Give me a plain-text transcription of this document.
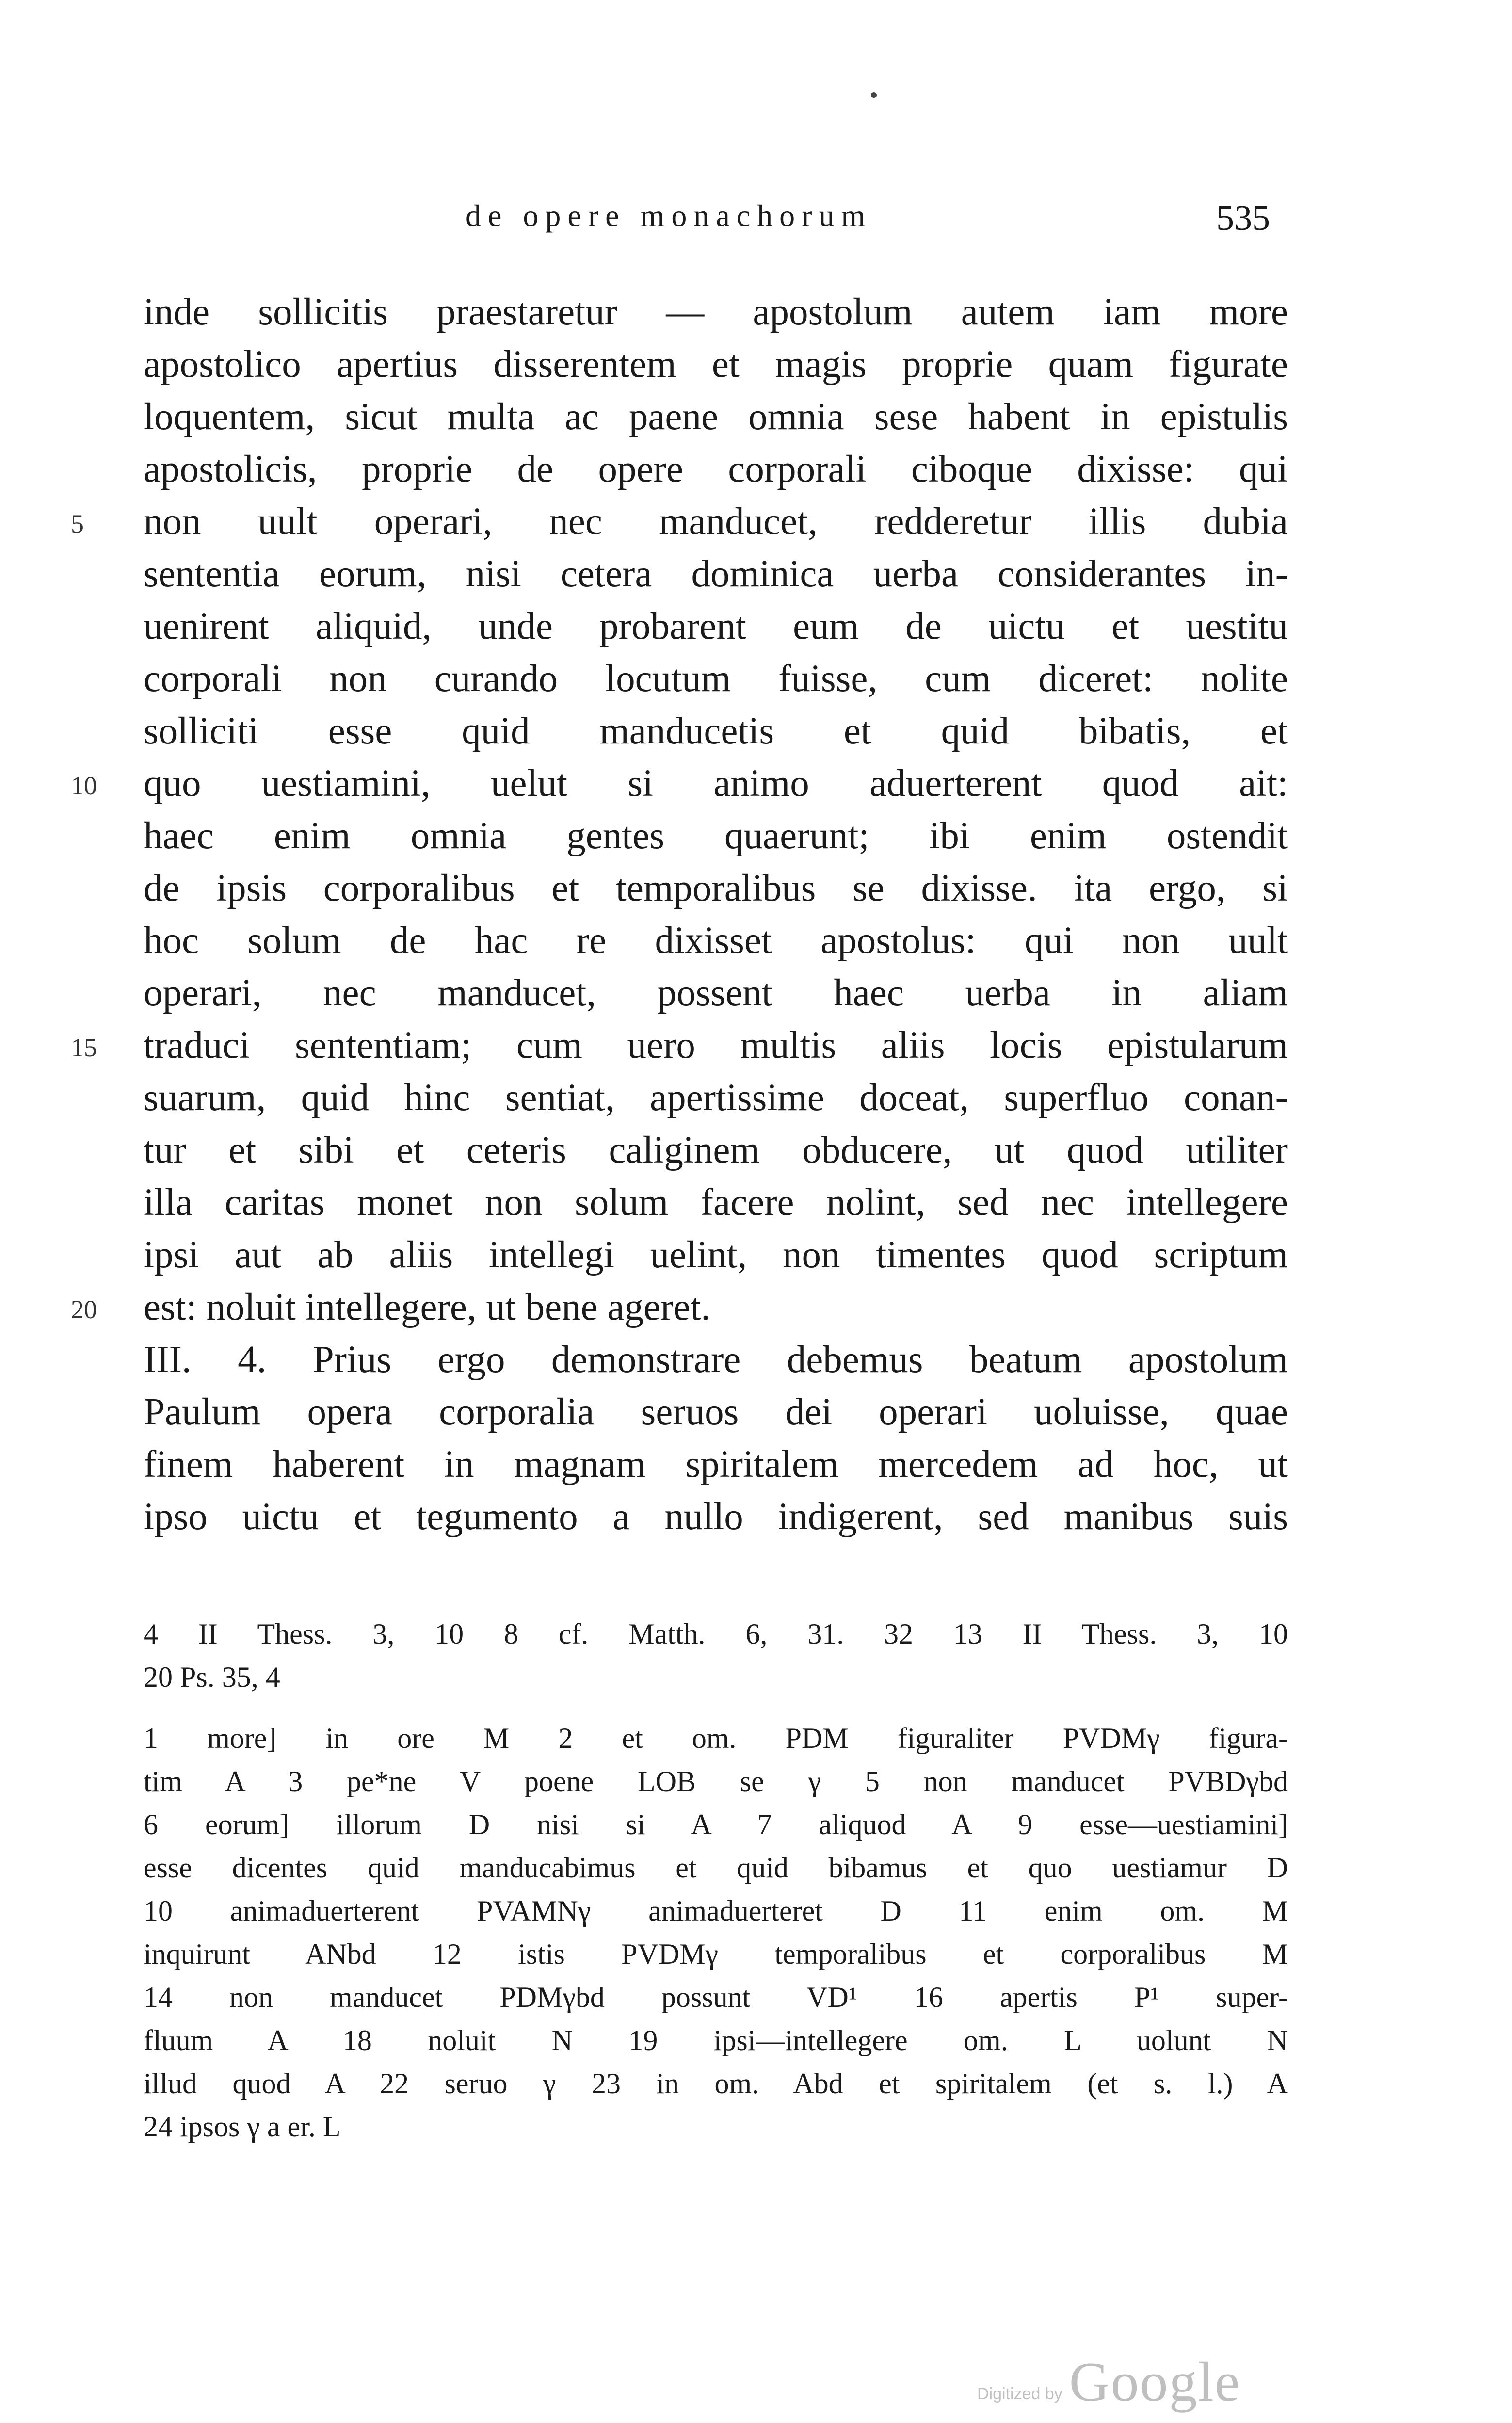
de opere monachorum	535
inde sollicitis praestaretur — apostolum autem iam more
apostolico apertius disserentem et magis proprie quam figurate
loquentem, sicut multa ac paene omnia sese habent in epistulis
apostolicis, proprie de opere corporali ciboque dixisse: qui
5	non uult operari, nec manducet, redderetur illis dubia
sententia eorum, nisi cetera dominica uerba considerantes in-
uenirent aliquid, unde probarent eum de uictu et uestitu
corporali non curando locutum fuisse, cum diceret: nolite
solliciti esse quid manducetis et quid bibatis, et
10	quo uestiamini, uelut si animo aduerterent quod ait:
haec enim omnia gentes quaerunt; ibi enim ostendit
de ipsis corporalibus et temporalibus se dixisse. ita ergo, si
hoc solum de hac re dixisset apostolus: qui non uult
operari, nec manducet, possent haec uerba in aliam
15	traduci sententiam; cum uero multis aliis locis epistularum
suarum, quid hinc sentiat, apertissime doceat, superfluo conan-
tur et sibi et ceteris caliginem obducere, ut quod utiliter
illa caritas monet non solum facere nolint, sed nec intellegere
ipsi aut ab aliis intellegi uelint, non timentes quod scriptum
20	est: noluit intellegere, ut bene ageret.
III. 4. Prius ergo demonstrare debemus beatum apostolum
Paulum opera corporalia seruos dei operari uoluisse, quae
finem haberent in magnam spiritalem mercedem ad hoc, ut
ipso uictu et tegumento a nullo indigerent, sed manibus suis
4 II Thess. 3, 10 8 cf. Matth. 6, 31. 32 13 II Thess. 3, 10
20 Ps. 35, 4
1 more] in ore M 2 et om. PDM figuraliter PVDMγ figura-
tim A 3 pe*ne V poene LOB se γ 5 non manducet PVBDγbd
6 eorum] illorum D nisi si A 7 aliquod A 9 esse—uestiamini]
esse dicentes quid manducabimus et quid bibamus et quo uestiamur D
10 animaduerterent PVAMNγ animaduerteret D 11 enim om. M
inquirunt ANbd 12 istis PVDMγ temporalibus et corporalibus M
14 non manducet PDMγbd possunt VD¹ 16 apertis P¹ super-
fluum A 18 noluit N 19 ipsi—intellegere om. L uolunt N
illud quod A 22 seruo γ 23 in om. Abd et spiritalem (et s. l.) A
24 ipsos γ a er. L
Digitized by Google
